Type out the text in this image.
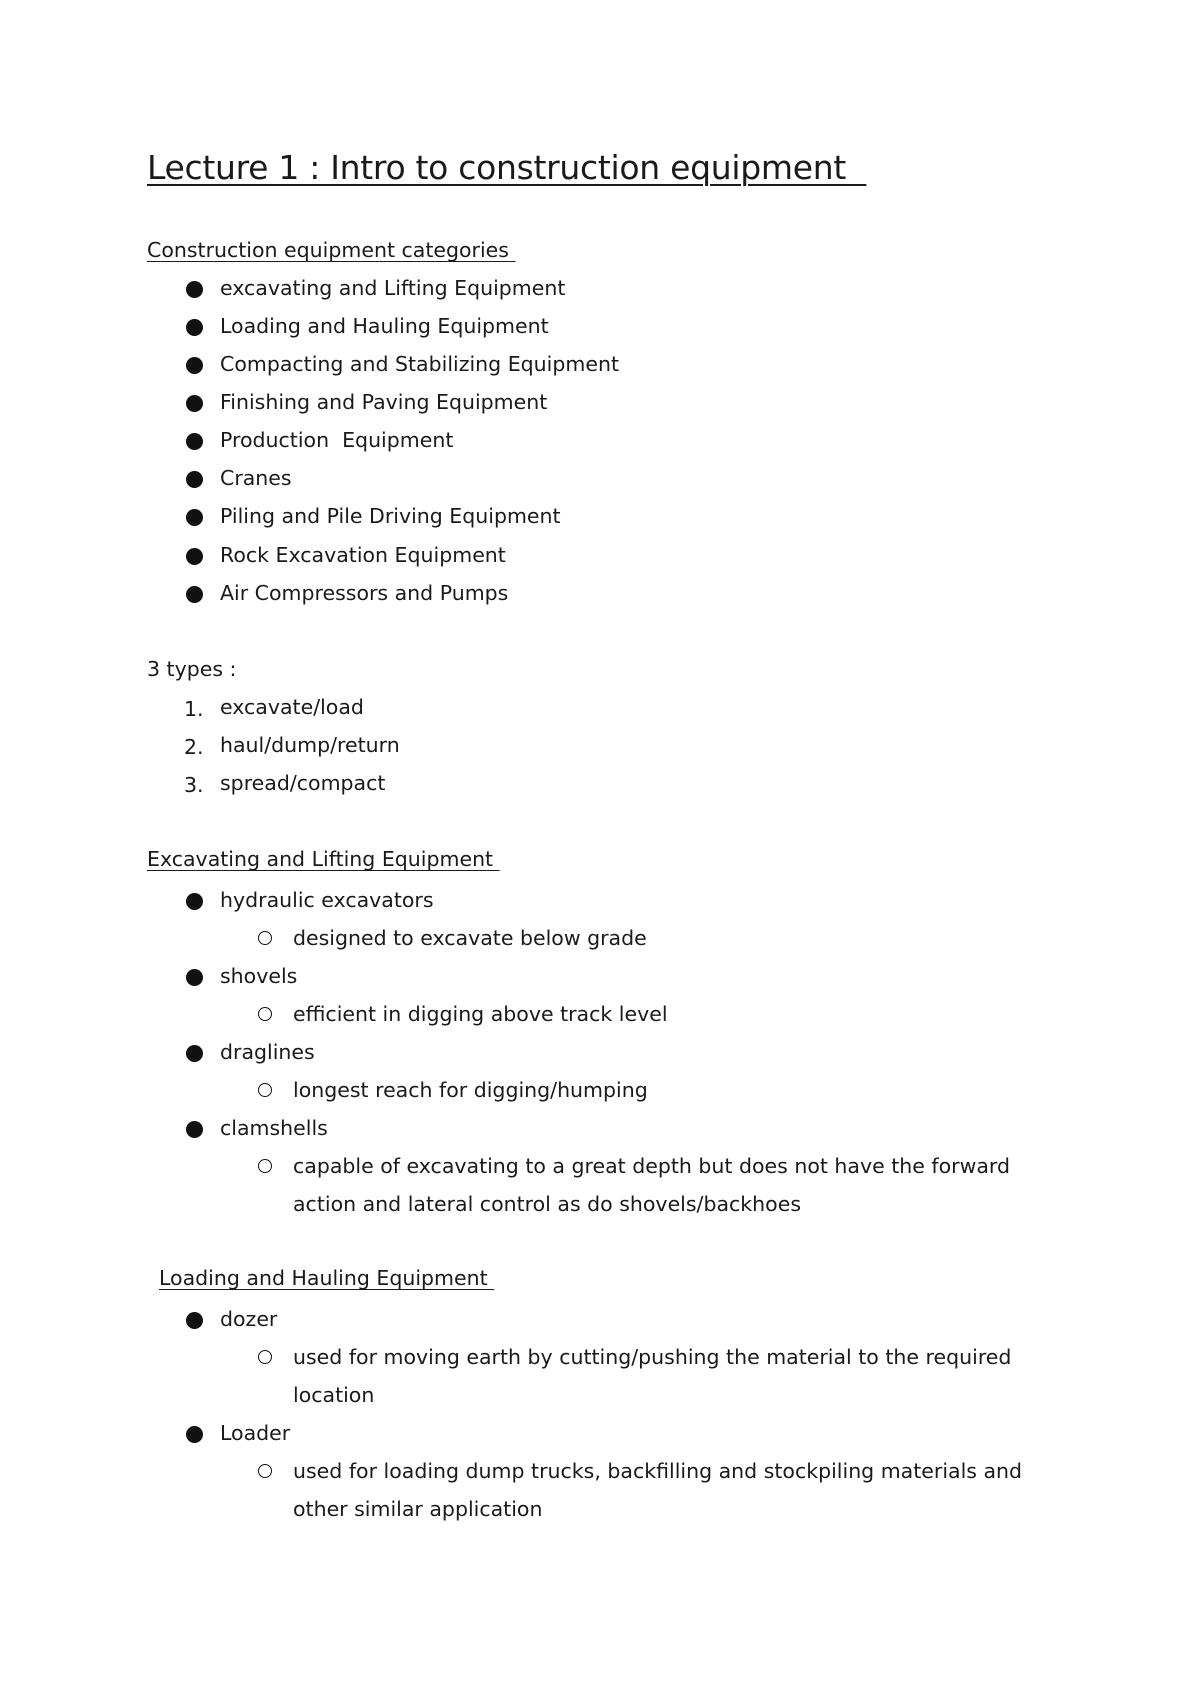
Lecture 1 : Intro to construction equipment
Construction equipment categories
excavating and Lifting Equipment
Loading and Hauling Equipment
Compacting and Stabilizing Equipment
Finishing and Paving Equipment
Production  Equipment
Cranes
Piling and Pile Driving Equipment
Rock Excavation Equipment
Air Compressors and Pumps
3 types :
1. excavate/load
2. haul/dump/return
3. spread/compact
Excavating and Lifting Equipment
hydraulic excavators
designed to excavate below grade
shovels
efficient in digging above track level
draglines
longest reach for digging/humping
clamshells
capable of excavating to a great depth but does not have the forward
action and lateral control as do shovels/backhoes
Loading and Hauling Equipment
dozer
used for moving earth by cutting/pushing the material to the required
location
Loader
used for loading dump trucks, backfilling and stockpiling materials and
other similar application
